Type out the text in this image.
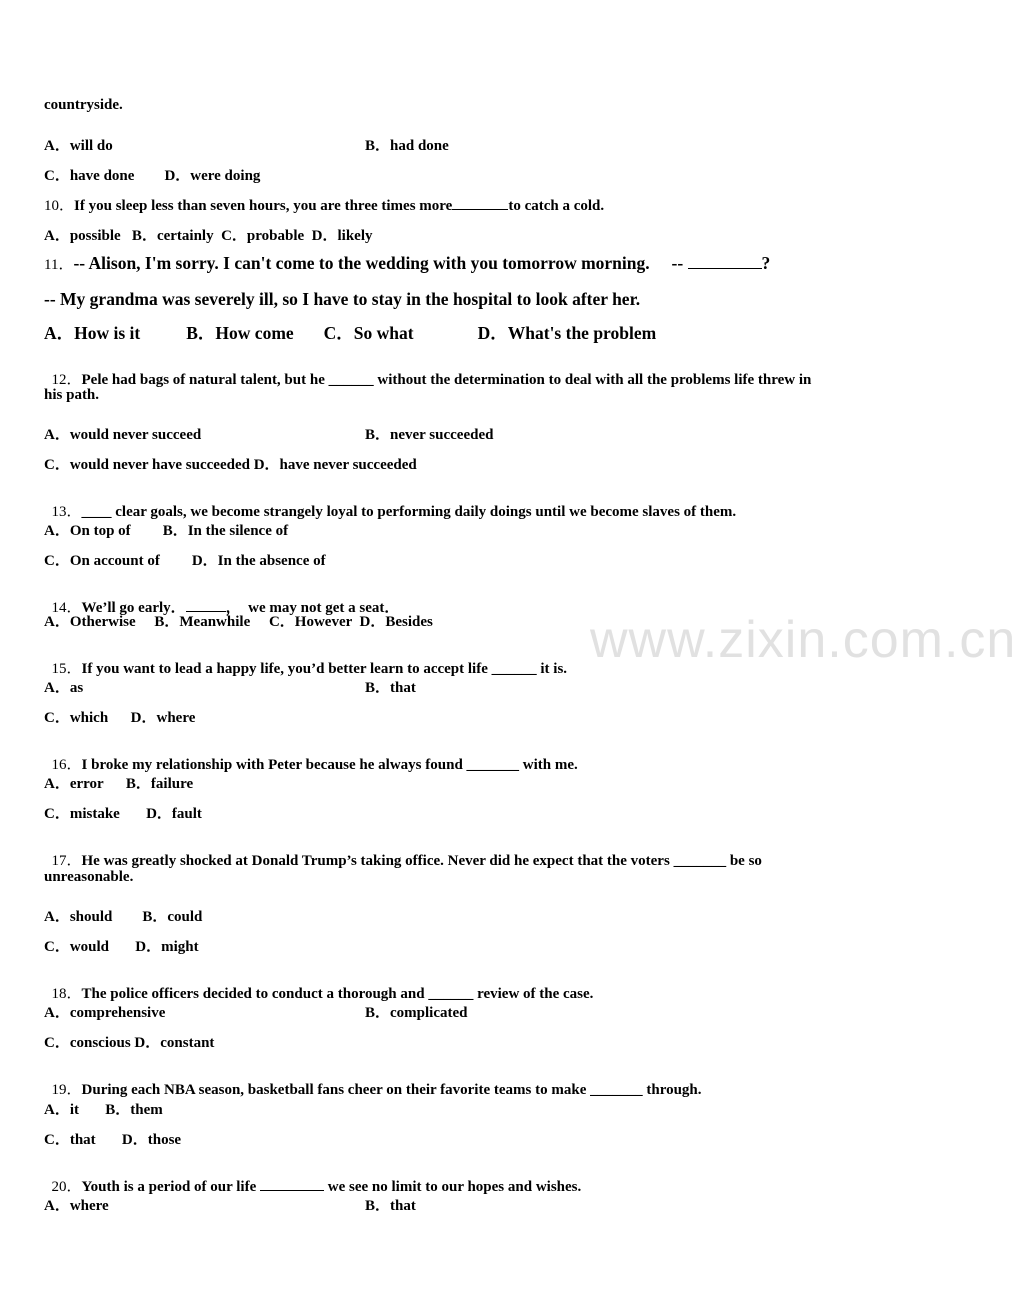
www.zixin.com.cn
countryside.
A．will do	B．had done
C．have done D．were doing
10．If you sleep less than seven hours, you are three times more	to catch a cold.
A．possible   B．certainly  C．probable  D．likely
11．-- Alison, I'm sorry. I can't come to the wedding with you tomorrow morning.     --	?
-- My grandma was severely ill, so I have to stay in the hospital to look after her.
A．How is it	B．How come C．So what	D．What's the problem

12．Pele had bags of natural talent, but he ______ without the determination to deal with all the problems life threw in

his path.
A．would never succeed	B．never succeeded
C．would never have succeeded D．have never succeeded

13．____ clear goals, we become strangely loyal to performing daily doings until we become slaves of them.

A．On top of B．In the silence of
C．On account of D．In the absence of

14．We’ll go early．	，  we may not get a seat．

A．Otherwise     B．Meanwhile     C．However  D．Besides

15．If you want to lead a happy life, you’d better learn to accept life ______ it is.

A．as	B．that
C．which      D．where

16．I broke my relationship with Peter because he always found _______ with me.

A．error      B．failure
C．mistake       D．fault

17．He was greatly shocked at Donald Trump’s taking office. Never did he expect that the voters _______ be so

unreasonable.
A．should        B．could
C．would       D．might

18．The police officers decided to conduct a thorough and ______ review of the case.

A．comprehensive	B．complicated
C．conscious D．constant

19．During each NBA season, basketball fans cheer on their favorite teams to make _______ through.

A．it       B．them
C．that       D．those

20．Youth is a period of our life	we see no limit to our hopes and wishes.

A．where	B．that
